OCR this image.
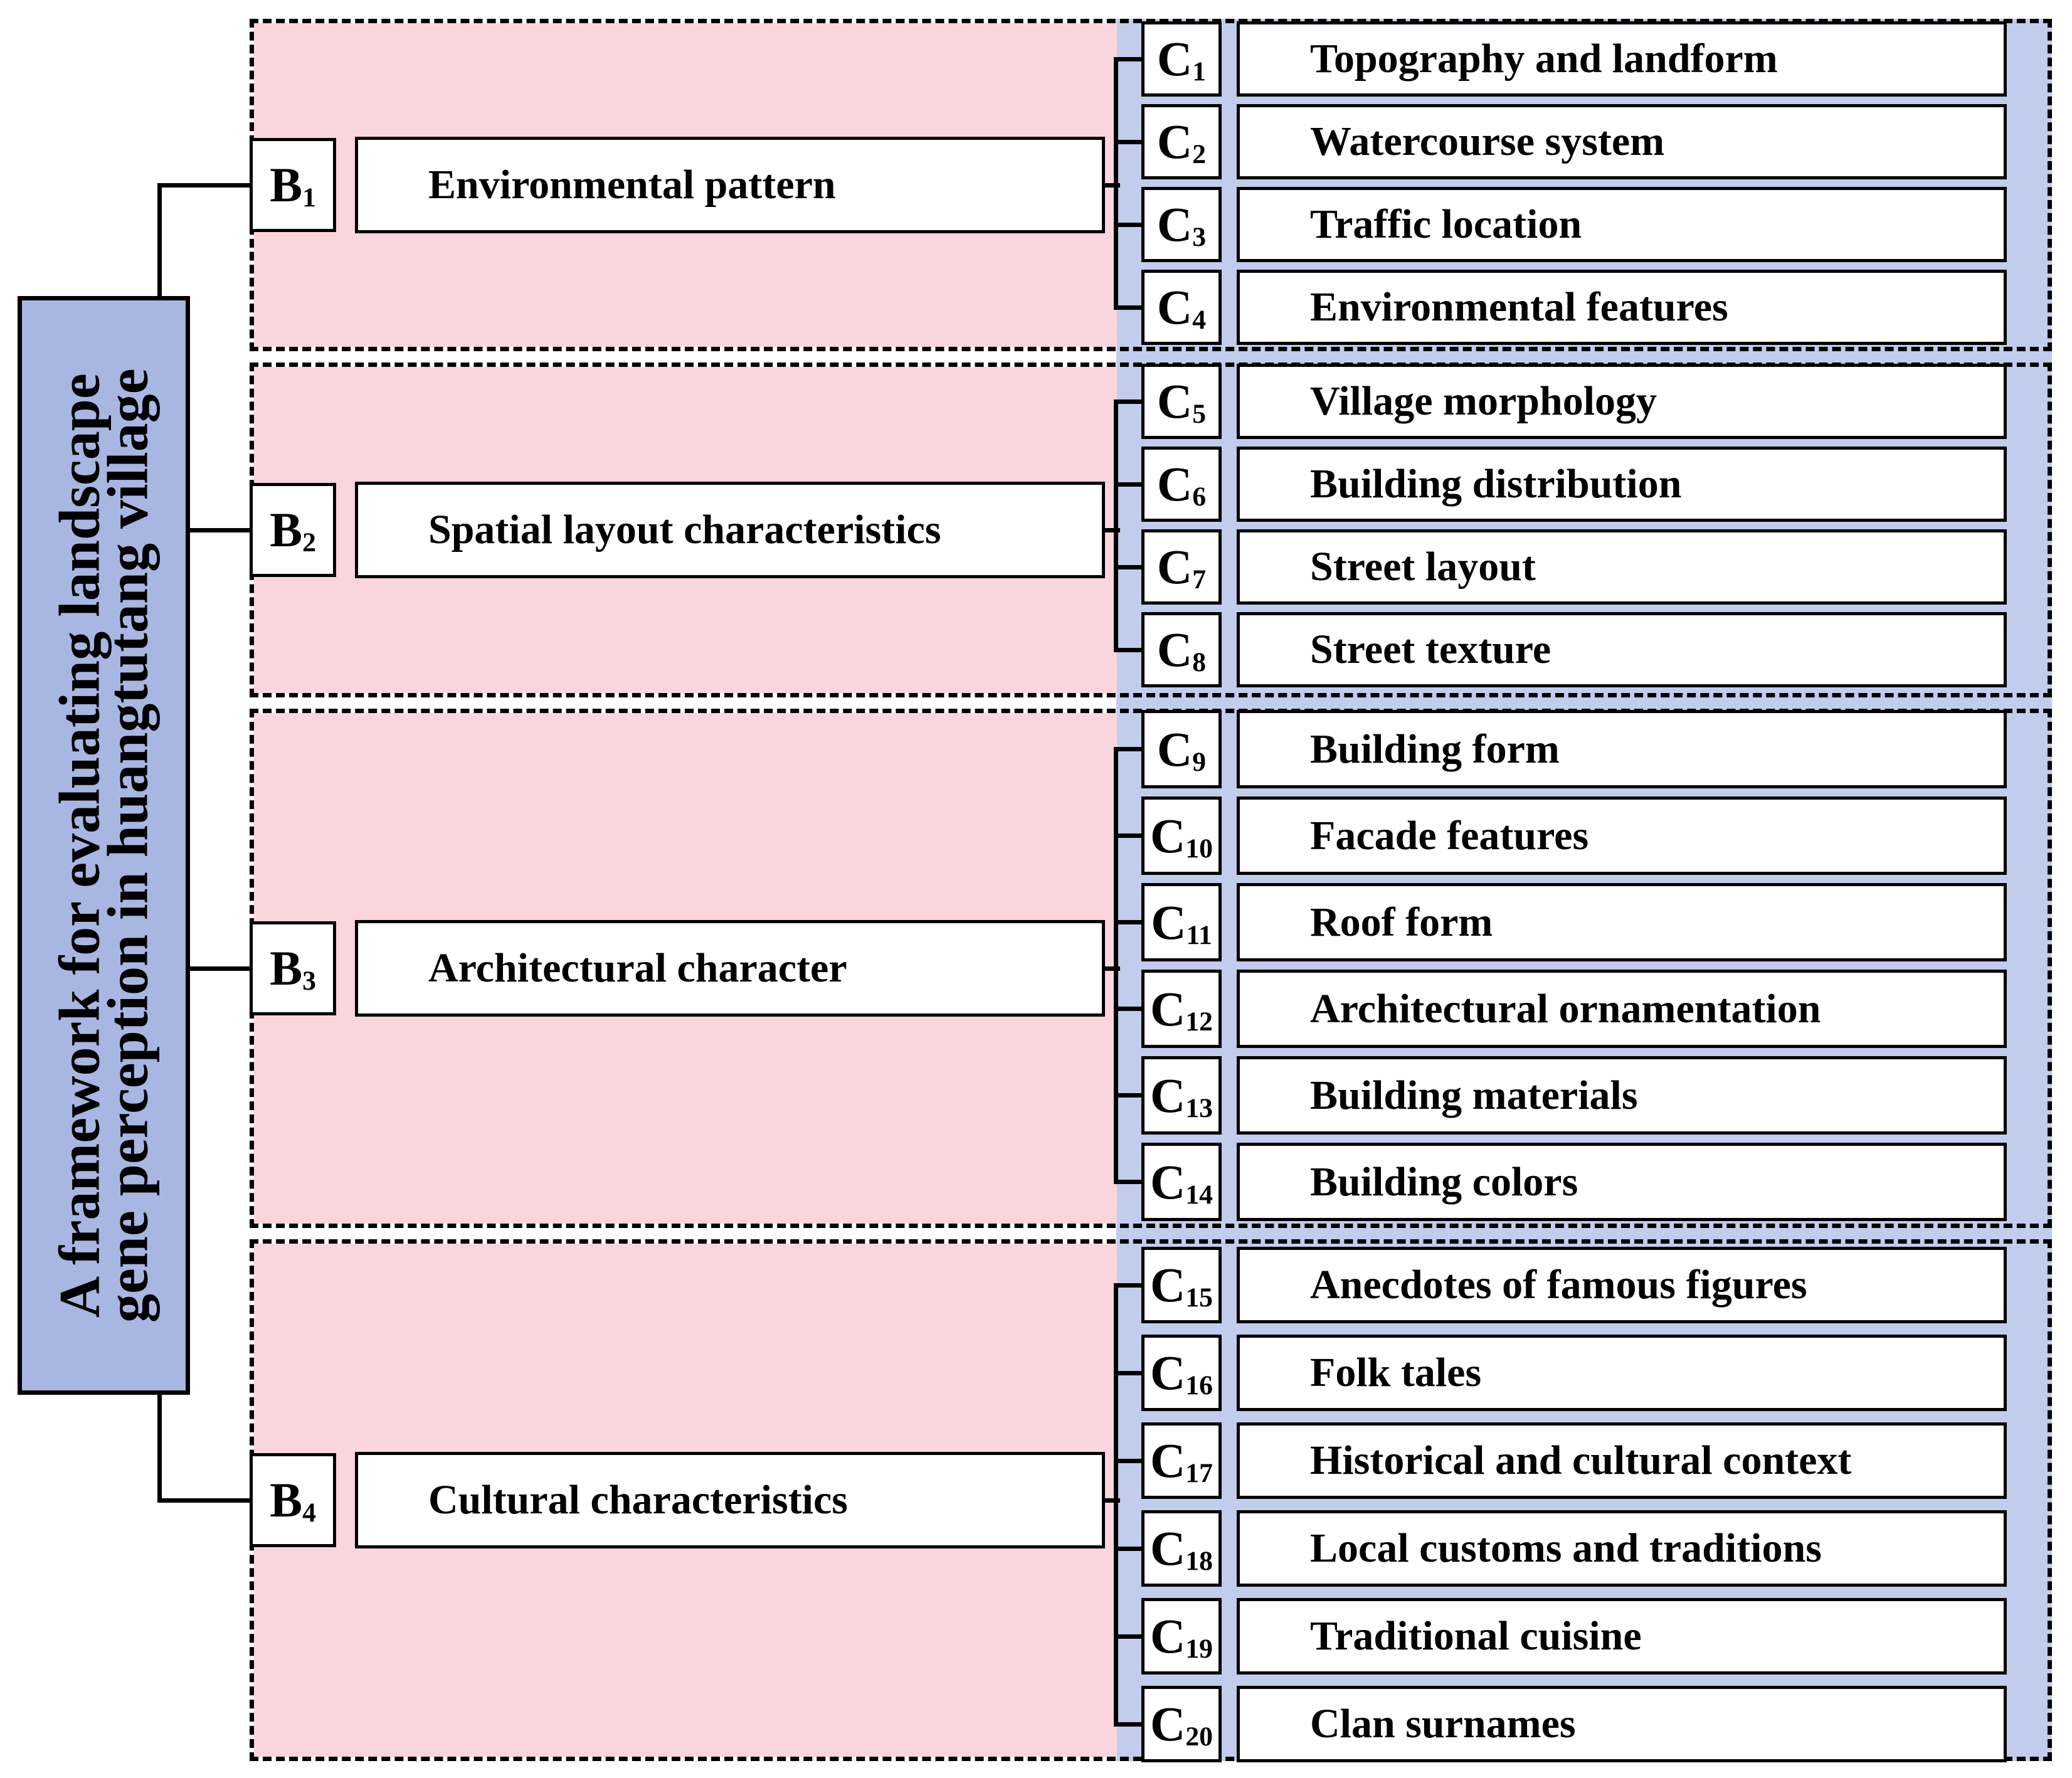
A framework for evaluating landscape
gene perception in huangtutang village
B1	Environmental pattern
B2	Spatial layout characteristics
B3	Architectural character
B4	Cultural characteristics
C1	Topography and landform
C2	Watercourse system
C3	Traffic location
C4	Environmental features
C5	Village morphology
C6	Building distribution
C7	Street layout
C8	Street texture
C9	Building form
C10 Facade features
C11 Roof form
C12 Architectural ornamentation
C13 Building materials
C14 Building colors
C15 Anecdotes of famous figures
C16 Folk tales
C17 Historical and cultural context
C18 Local customs and traditions
C19 Traditional cuisine
C20 Clan surnames
